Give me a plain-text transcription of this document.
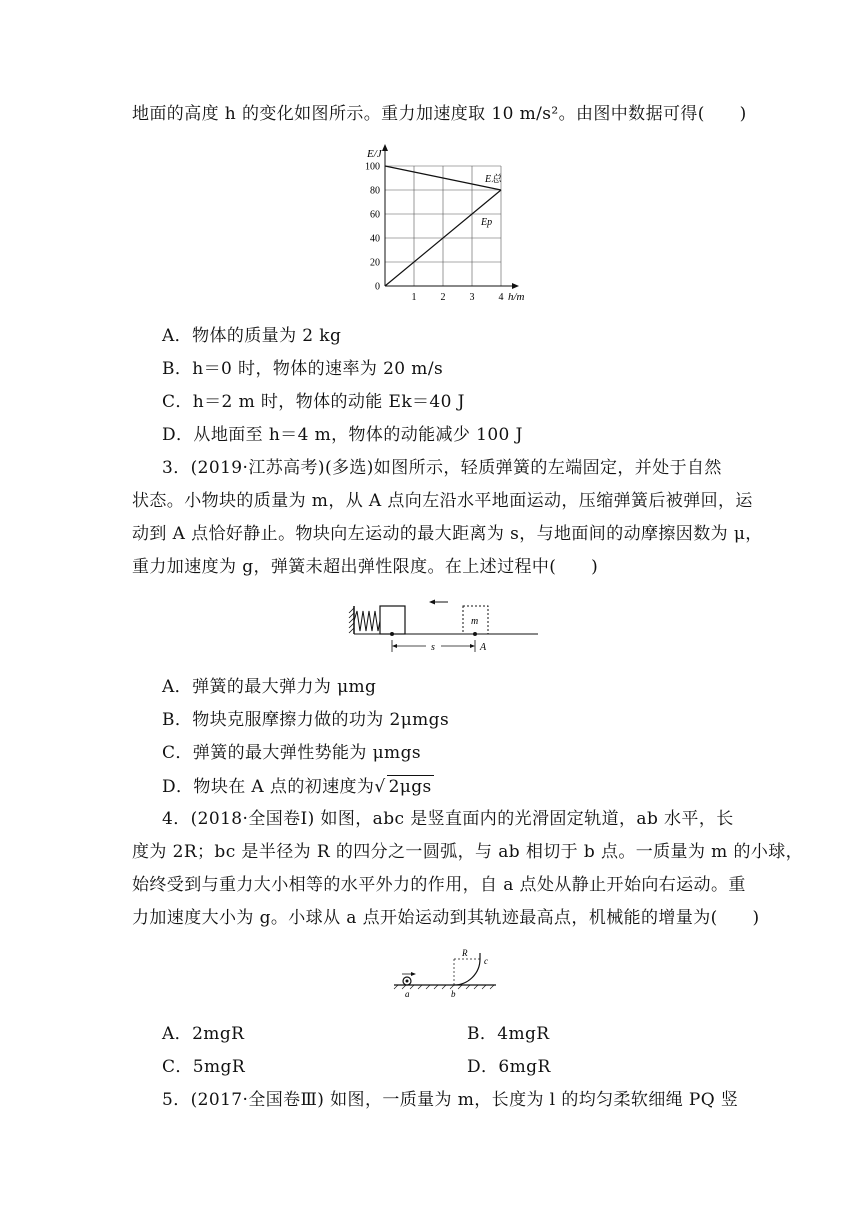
地面的高度 h 的变化如图所示。重力加速度取 10 m/s²。由图中数据可得(　　)
0
20
40
60
80
100
1 2 3 4
E/J
h/m
E总
Ep
A．物体的质量为 2 kg
B．h＝0 时，物体的速率为 20 m/s
C．h＝2 m 时，物体的动能 Ek＝40 J
D．从地面至 h＝4 m，物体的动能减少 100 J
3．(2019·江苏高考)(多选)如图所示，轻质弹簧的左端固定，并处于自然
状态。小物块的质量为 m，从 A 点向左沿水平地面运动，压缩弹簧后被弹回，运
动到 A 点恰好静止。物块向左运动的最大距离为 s，与地面间的动摩擦因数为 μ，
重力加速度为 g，弹簧未超出弹性限度。在上述过程中(　　)
m
s	A
A．弹簧的最大弹力为 μmg
B．物块克服摩擦力做的功为 2μmgs
C．弹簧的最大弹性势能为 μmgs
D．物块在 A 点的初速度为√ 2μgs
4．(2018·全国卷Ⅰ) 如图，abc 是竖直面内的光滑固定轨道，ab 水平，长
度为 2R；bc 是半径为 R 的四分之一圆弧，与 ab 相切于 b 点。一质量为 m 的小球，
始终受到与重力大小相等的水平外力的作用，自 a 点处从静止开始向右运动。重
力加速度大小为 g。小球从 a 点开始运动到其轨迹最高点，机械能的增量为(　　)
R
c
a	b
A．2mgR	B．4mgR
C．5mgR	D．6mgR
5．(2017·全国卷Ⅲ) 如图，一质量为 m，长度为 l 的均匀柔软细绳 PQ 竖
